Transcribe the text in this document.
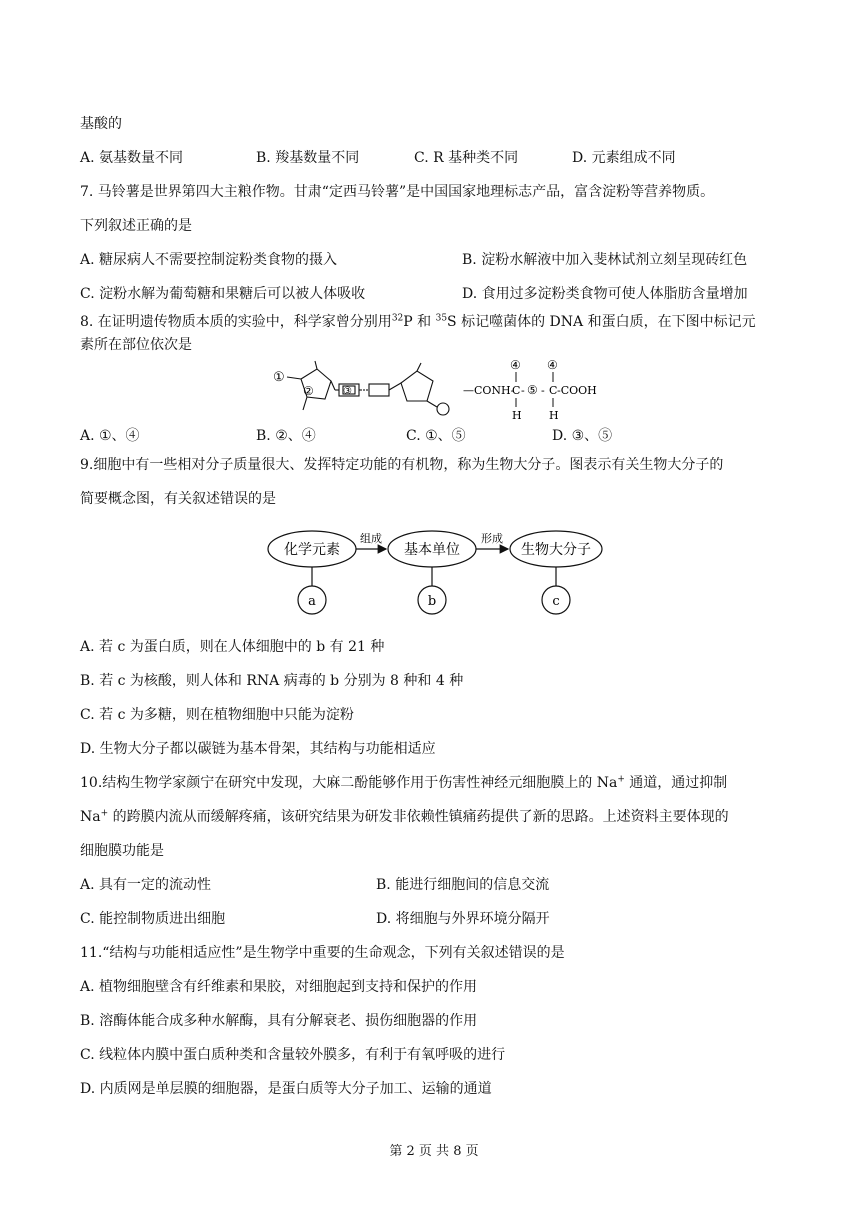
基酸的
A. 氨基数量不同	B. 羧基数量不同	C. R 基种类不同	D. 元素组成不同
7. 马铃薯是世界第四大主粮作物。甘肃“定西马铃薯”是中国国家地理标志产品，富含淀粉等营养物质。
下列叙述正确的是
A. 糖尿病人不需要控制淀粉类食物的摄入	B. 淀粉水解液中加入斐林试剂立刻呈现砖红色
C. 淀粉水解为葡萄糖和果糖后可以被人体吸收	D. 食用过多淀粉类食物可使人体脂肪含量增加
8. 在证明遗传物质本质的实验中，科学家曾分别用$^{32}$P 和 $^{35}$S 标记噬菌体的 DNA 和蛋白质，在下图中标记元
素所在部位依次是
①
②	③	—CONH-
④
C - ⑤ -
④
C -COOH
H H
A. ①、④	B. ②、④	C. ①、⑤	D. ③、⑤
9.细胞中有一些相对分子质量很大、发挥特定功能的有机物，称为生物大分子。图表示有关生物大分子的
简要概念图，有关叙述错误的是
化学元素
组成
基本单位
形成
生物大分子
a	b	c
A. 若 c 为蛋白质，则在人体细胞中的 b 有 21 种
B. 若 c 为核酸，则人体和 RNA 病毒的 b 分别为 8 种和 4 种
C. 若 c 为多糖，则在植物细胞中只能为淀粉
D. 生物大分子都以碳链为基本骨架，其结构与功能相适应
10.结构生物学家颜宁在研究中发现，大麻二酚能够作用于伤害性神经元细胞膜上的 Na+ 通道，通过抑制
Na+ 的跨膜内流从而缓解疼痛，该研究结果为研发非依赖性镇痛药提供了新的思路。上述资料主要体现的
细胞膜功能是
A. 具有一定的流动性	B. 能进行细胞间的信息交流
C. 能控制物质进出细胞	D. 将细胞与外界环境分隔开
11.“结构与功能相适应性”是生物学中重要的生命观念，下列有关叙述错误的是
A. 植物细胞壁含有纤维素和果胶，对细胞起到支持和保护的作用
B. 溶酶体能合成多种水解酶，具有分解衰老、损伤细胞器的作用
C. 线粒体内膜中蛋白质种类和含量较外膜多，有利于有氧呼吸的进行
D. 内质网是单层膜的细胞器，是蛋白质等大分子加工、运输的通道
第 2 页 共 8 页
